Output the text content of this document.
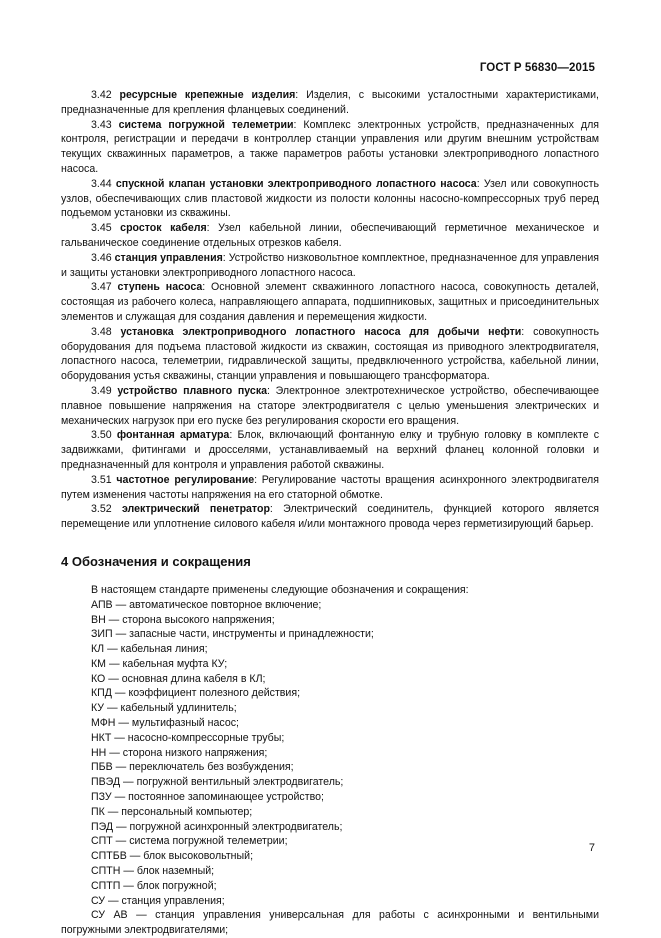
ГОСТ Р 56830—2015

3.42 ресурсные крепежные изделия: Изделия, с высокими усталостными характеристиками, предназначенные для крепления фланцевых соединений.

3.43 система погружной телеметрии: Комплекс электронных устройств, предназначенных для контроля, регистрации и передачи в контроллер станции управления или другим внешним устройствам текущих скважинных параметров, а также параметров работы установки электроприводного лопастного насоса.

3.44 спускной клапан установки электроприводного лопастного насоса: Узел или совокупность узлов, обеспечивающих слив пластовой жидкости из полости колонны насосно-компрессорных труб перед подъемом установки из скважины.

3.45 сросток кабеля: Узел кабельной линии, обеспечивающий герметичное механическое и гальваническое соединение отдельных отрезков кабеля.

3.46 станция управления: Устройство низковольтное комплектное, предназначенное для управления и защиты установки электроприводного лопастного насоса.

3.47 ступень насоса: Основной элемент скважинного лопастного насоса, совокупность деталей, состоящая из рабочего колеса, направляющего аппарата, подшипниковых, защитных и присоединительных элементов и служащая для создания давления и перемещения жидкости.

3.48 установка электроприводного лопастного насоса для добычи нефти: совокупность оборудования для подъема пластовой жидкости из скважин, состоящая из приводного электродвигателя, лопастного насоса, телеметрии, гидравлической защиты, предвключенного устройства, кабельной линии, оборудования устья скважины, станции управления и повышающего трансформатора.

3.49 устройство плавного пуска: Электронное электротехническое устройство, обеспечивающее плавное повышение напряжения на статоре электродвигателя с целью уменьшения электрических и механических нагрузок при его пуске без регулирования скорости его вращения.

3.50 фонтанная арматура: Блок, включающий фонтанную елку и трубную головку в комплекте с задвижками, фитингами и дросселями, устанавливаемый на верхний фланец колонной головки и предназначенный для контроля и управления работой скважины.

3.51 частотное регулирование: Регулирование частоты вращения асинхронного электродвигателя путем изменения частоты напряжения на его статорной обмотке.

3.52 электрический пенетратор: Электрический соединитель, функцией которого является перемещение или уплотнение силового кабеля и/или монтажного провода через герметизирующий барьер.

4 Обозначения и сокращения

В настоящем стандарте применены следующие обозначения и сокращения:

АПВ — автоматическое повторное включение;
ВН — сторона высокого напряжения;
ЗИП — запасные части, инструменты и принадлежности;
КЛ — кабельная линия;
КМ — кабельная муфта КУ;
КО — основная длина кабеля в КЛ;
КПД — коэффициент полезного действия;
КУ — кабельный удлинитель;
МФН — мультифазный насос;
НКТ — насосно-компрессорные трубы;
НН — сторона низкого напряжения;
ПБВ — переключатель без возбуждения;
ПВЭД — погружной вентильный электродвигатель;
ПЗУ — постоянное запоминающее устройство;
ПК — персональный компьютер;
ПЭД — погружной асинхронный электродвигатель;
СПТ — система погружной телеметрии;
СПТБВ — блок высоковольтный;
СПТН — блок наземный;
СПТП — блок погружной;
СУ — станция управления;
СУ АВ — станция управления универсальная для работы с асинхронными и вентильными погружными электродвигателями;
7
